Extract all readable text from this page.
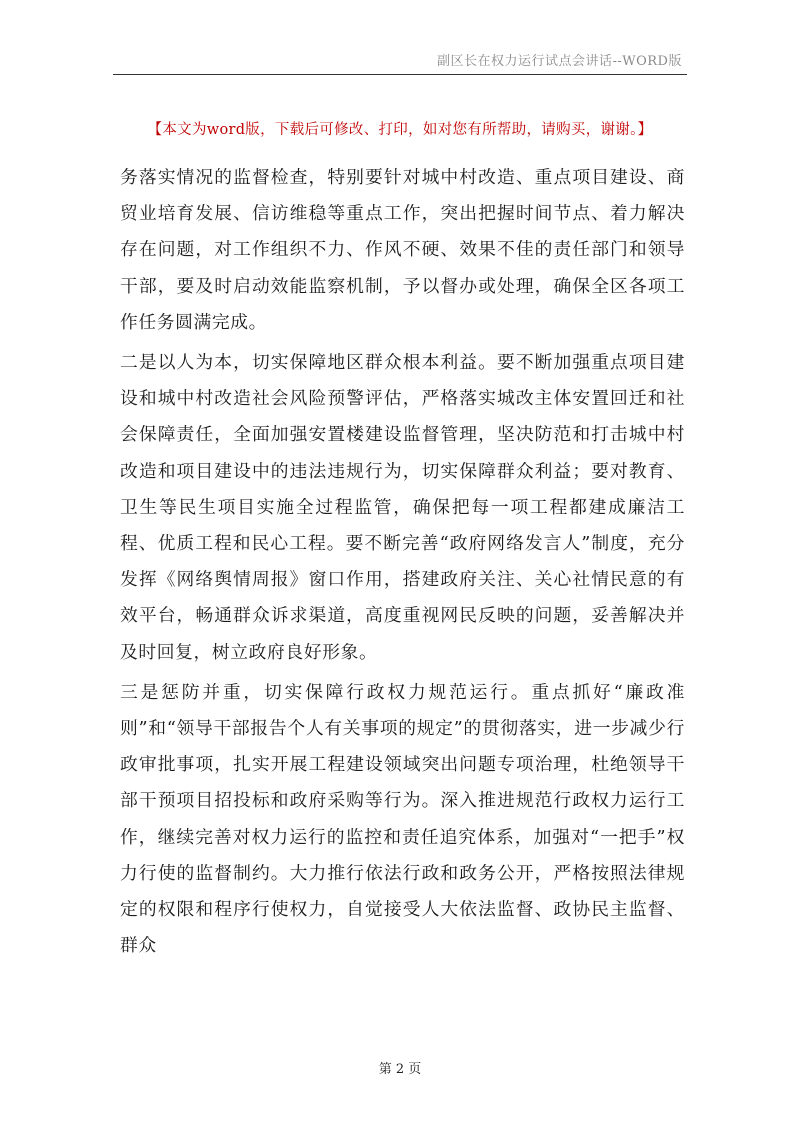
副区长在权力运行试点会讲话--WORD版
【本文为word版，下载后可修改、打印，如对您有所帮助，请购买，谢谢。】

务落实情况的监督检查，特别要针对城中村改造、重点项目建设、商贸业培育发展、信访维稳等重点工作，突出把握时间节点、着力解决存在问题，对工作组织不力、作风不硬、效果不佳的责任部门和领导干部，要及时启动效能监察机制，予以督办或处理，确保全区各项工作任务圆满完成。

二是以人为本，切实保障地区群众根本利益。要不断加强重点项目建设和城中村改造社会风险预警评估，严格落实城改主体安置回迁和社会保障责任，全面加强安置楼建设监督管理，坚决防范和打击城中村改造和项目建设中的违法违规行为，切实保障群众利益；要对教育、卫生等民生项目实施全过程监管，确保把每一项工程都建成廉洁工程、优质工程和民心工程。要不断完善“政府网络发言人”制度，充分发挥《网络舆情周报》窗口作用，搭建政府关注、关心社情民意的有效平台，畅通群众诉求渠道，高度重视网民反映的问题，妥善解决并及时回复，树立政府良好形象。

三是惩防并重，切实保障行政权力规范运行。重点抓好“廉政准则”和“领导干部报告个人有关事项的规定”的贯彻落实，进一步减少行政审批事项，扎实开展工程建设领域突出问题专项治理，杜绝领导干部干预项目招投标和政府采购等行为。深入推进规范行政权力运行工作，继续完善对权力运行的监控和责任追究体系，加强对“一把手”权力行使的监督制约。大力推行依法行政和政务公开，严格按照法律规定的权限和程序行使权力，自觉接受人大依法监督、政协民主监督、群众

第 2 页
